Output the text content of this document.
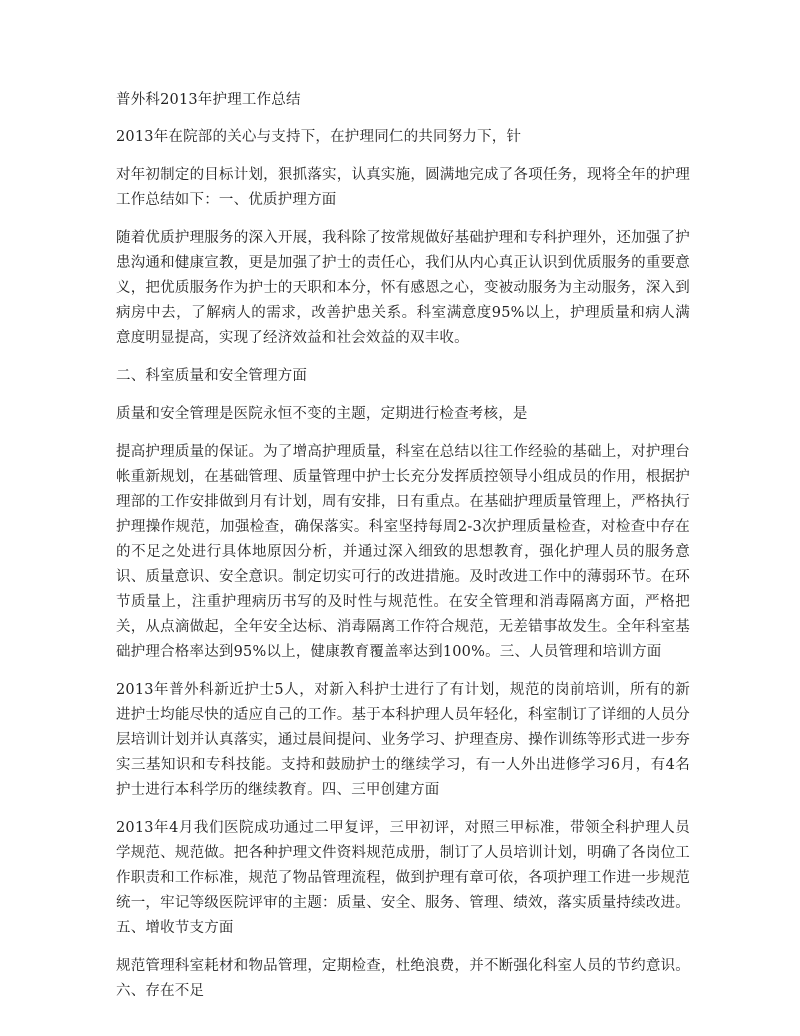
普外科2013年护理工作总结

2013年在院部的关心与支持下，在护理同仁的共同努力下，针

对年初制定的目标计划，狠抓落实，认真实施，圆满地完成了各项任务，现将全年的护理工作总结如下：一、优质护理方面

随着优质护理服务的深入开展，我科除了按常规做好基础护理和专科护理外，还加强了护患沟通和健康宣教，更是加强了护士的责任心，我们从内心真正认识到优质服务的重要意义，把优质服务作为护士的天职和本分，怀有感恩之心，变被动服务为主动服务，深入到病房中去，了解病人的需求，改善护患关系。科室满意度95%以上，护理质量和病人满意度明显提高，实现了经济效益和社会效益的双丰收。

二、科室质量和安全管理方面

质量和安全管理是医院永恒不变的主题，定期进行检查考核，是

提高护理质量的保证。为了增高护理质量，科室在总结以往工作经验的基础上，对护理台帐重新规划，在基础管理、质量管理中护士长充分发挥质控领导小组成员的作用，根据护理部的工作安排做到月有计划，周有安排，日有重点。在基础护理质量管理上，严格执行护理操作规范，加强检查，确保落实。科室坚持每周2-3次护理质量检查，对检查中存在的不足之处进行具体地原因分析，并通过深入细致的思想教育，强化护理人员的服务意识、质量意识、安全意识。制定切实可行的改进措施。及时改进工作中的薄弱环节。在环节质量上，注重护理病历书写的及时性与规范性。在安全管理和消毒隔离方面，严格把关，从点滴做起，全年安全达标、消毒隔离工作符合规范，无差错事故发生。全年科室基础护理合格率达到95%以上，健康教育覆盖率达到100%。三、人员管理和培训方面

2013年普外科新近护士5人，对新入科护士进行了有计划，规范的岗前培训，所有的新进护士均能尽快的适应自己的工作。基于本科护理人员年轻化，科室制订了详细的人员分层培训计划并认真落实，通过晨间提问、业务学习、护理查房、操作训练等形式进一步夯实三基知识和专科技能。支持和鼓励护士的继续学习，有一人外出进修学习6月，有4名护士进行本科学历的继续教育。四、三甲创建方面

2013年4月我们医院成功通过二甲复评，三甲初评，对照三甲标准，带领全科护理人员学规范、规范做。把各种护理文件资料规范成册，制订了人员培训计划，明确了各岗位工作职责和工作标准，规范了物品管理流程，做到护理有章可依，各项护理工作进一步规范统一，牢记等级医院评审的主题：质量、安全、服务、管理、绩效，落实质量持续改进。五、增收节支方面

规范管理科室耗材和物品管理，定期检查，杜绝浪费，并不断强化科室人员的节约意识。六、存在不足
